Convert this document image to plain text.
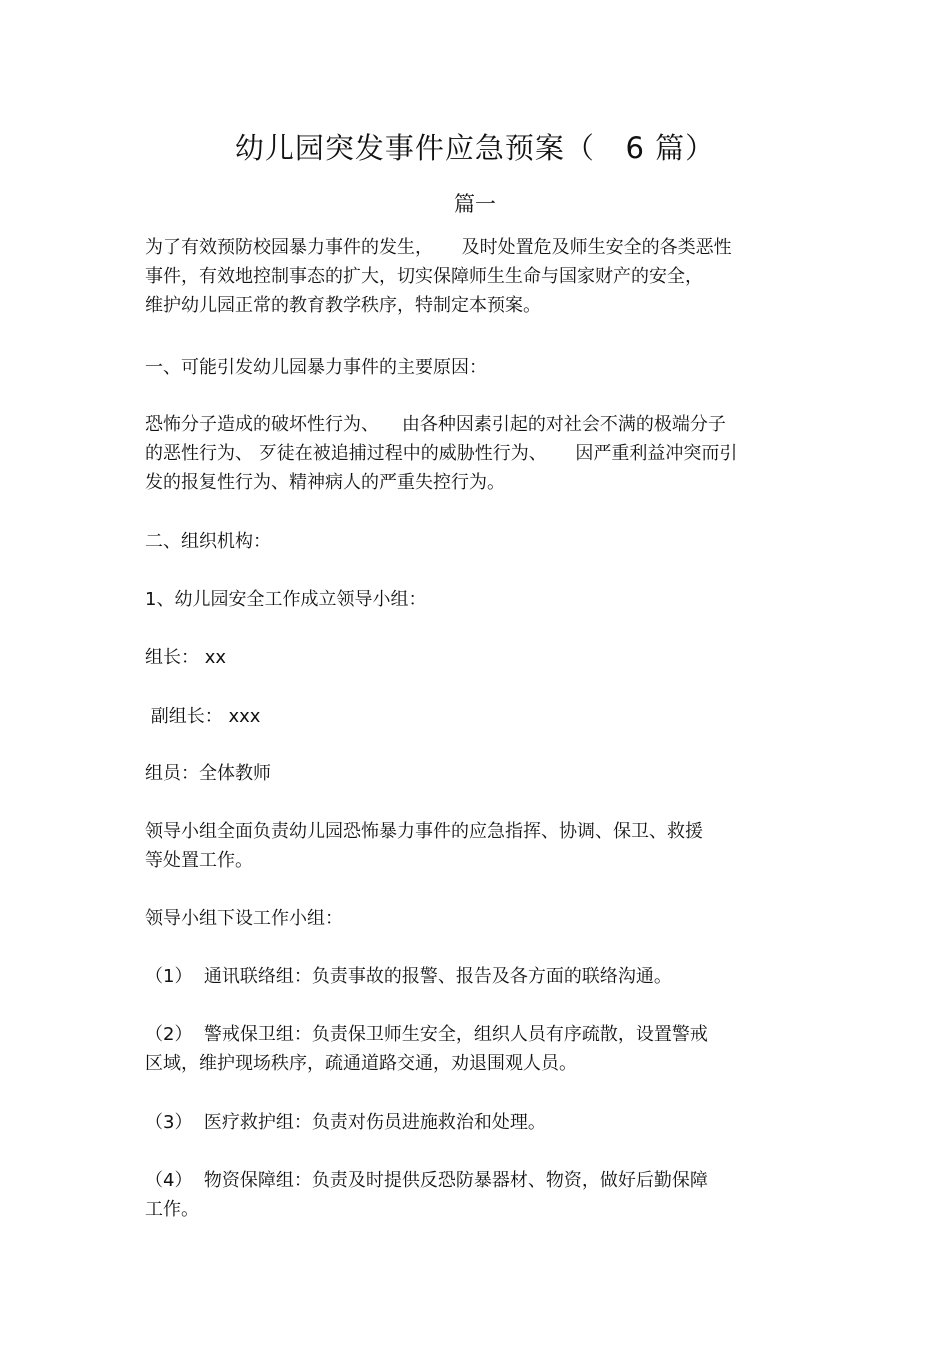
幼儿园突发事件应急预案（   6 篇）
篇一
为了有效预防校园暴力事件的发生，     及时处置危及师生安全的各类恶性
事件，有效地控制事态的扩大，切实保障师生生命与国家财产的安全，
维护幼儿园正常的教育教学秩序，特制定本预案。
一、可能引发幼儿园暴力事件的主要原因：
恐怖分子造成的破坏性行为、    由各种因素引起的对社会不满的极端分子
的恶性行为、 歹徒在被追捕过程中的威胁性行为、     因严重利益冲突而引
发的报复性行为、精神病人的严重失控行为。
二、组织机构：
1、幼儿园安全工作成立领导小组：
组长： xx
副组长： xxx
组员：全体教师
领导小组全面负责幼儿园恐怖暴力事件的应急指挥、协调、保卫、救援
等处置工作。
领导小组下设工作小组：
（1）  通讯联络组：负责事故的报警、报告及各方面的联络沟通。
（2）  警戒保卫组：负责保卫师生安全，组织人员有序疏散，设置警戒
区域，维护现场秩序，疏通道路交通，劝退围观人员。
（3）  医疗救护组：负责对伤员进施救治和处理。
（4）  物资保障组：负责及时提供反恐防暴器材、物资，做好后勤保障
工作。
